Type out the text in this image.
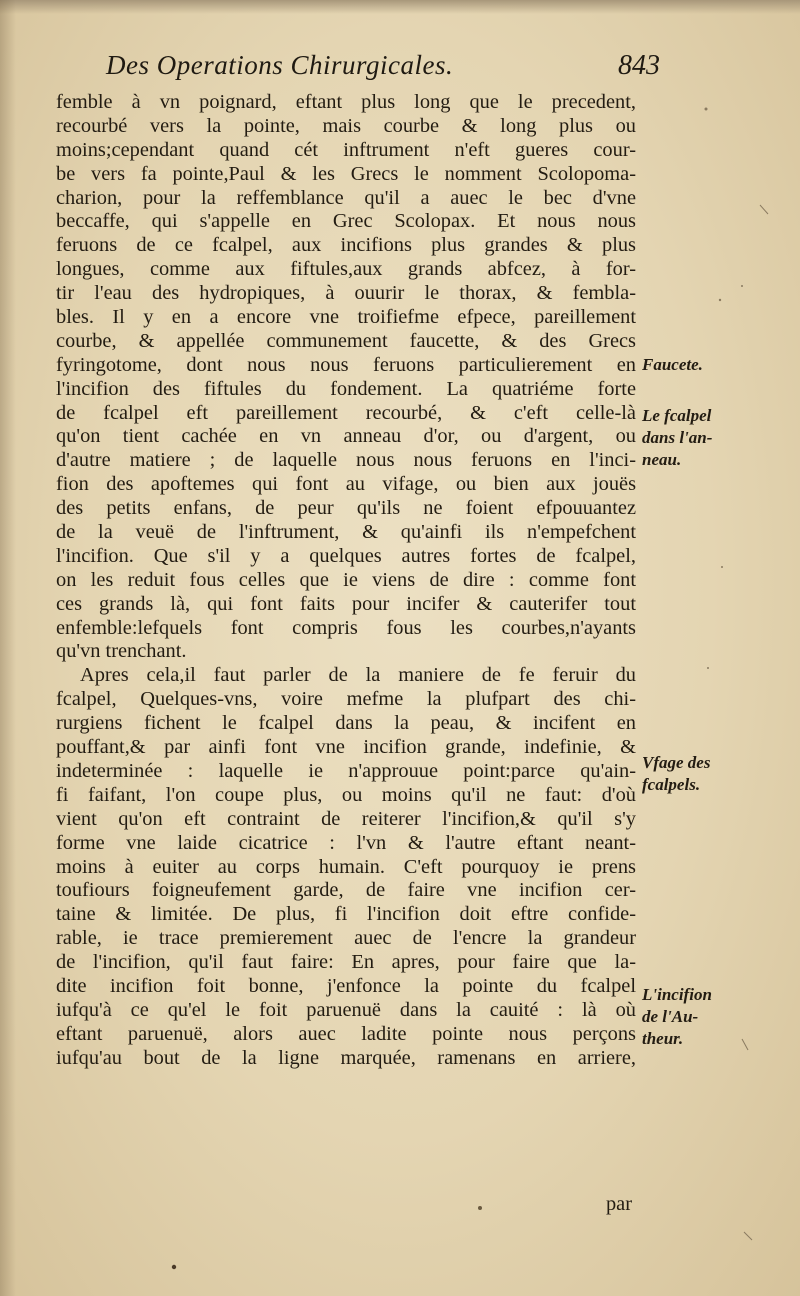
Des Operations Chirurgicales.	843
femble à vn poignard, eftant plus long que le precedent,
recourbé vers la pointe, mais courbe & long plus ou
moins;cependant quand cét inftrument n'eft gueres cour-
be vers fa pointe,Paul & les Grecs le nomment Scolopoma-
charion, pour la reffemblance qu'il a auec le bec d'vne
beccaffe, qui s'appelle en Grec Scolopax. Et nous nous
feruons de ce fcalpel, aux incifions plus grandes & plus
longues, comme aux fiftules,aux grands abfcez, à for-
tir l'eau des hydropiques, à ouurir le thorax, & fembla-
bles. Il y en a encore vne troifiefme efpece, pareillement
courbe, & appellée communement faucette, & des Grecs
fyringotome, dont nous nous feruons particulierement en
l'incifion des fiftules du fondement. La quatriéme forte
de fcalpel eft pareillement recourbé, & c'eft celle-là
qu'on tient cachée en vn anneau d'or, ou d'argent, ou
d'autre matiere ; de laquelle nous nous feruons en l'inci-
fion des apoftemes qui font au vifage, ou bien aux jouës
des petits enfans, de peur qu'ils ne foient efpouuantez
de la veuë de l'inftrument, & qu'ainfi ils n'empefchent
l'incifion. Que s'il y a quelques autres fortes de fcalpel,
on les reduit fous celles que ie viens de dire : comme font
ces grands là, qui font faits pour incifer & cauterifer tout
enfemble:lefquels font compris fous les courbes,n'ayants
qu'vn trenchant.
Apres cela,il faut parler de la maniere de fe feruir du
fcalpel, Quelques-vns, voire mefme la plufpart des chi-
rurgiens fichent le fcalpel dans la peau, & incifent en
pouffant,& par ainfi font vne incifion grande, indefinie, &
indeterminée : laquelle ie n'approuue point:parce qu'ain-
fi faifant, l'on coupe plus, ou moins qu'il ne faut: d'où
vient qu'on eft contraint de reiterer l'incifion,& qu'il s'y
forme vne laide cicatrice : l'vn & l'autre eftant neant-
moins à euiter au corps humain. C'eft pourquoy ie prens
toufiours foigneufement garde, de faire vne incifion cer-
taine & limitée. De plus, fi l'incifion doit eftre confide-
rable, ie trace premierement auec de l'encre la grandeur
de l'incifion, qu'il faut faire: En apres, pour faire que la-
dite incifion foit bonne, j'enfonce la pointe du fcalpel
iufqu'à ce qu'el le foit paruenuë dans la cauité : là où
eftant paruenuë, alors auec ladite pointe nous perçons
iufqu'au bout de la ligne marquée, ramenans en arriere,
Faucete.
Le fcalpel
dans l'an-
neau.
Vfage des
fcalpels.
L'incifion
de l'Au-
theur.
par
